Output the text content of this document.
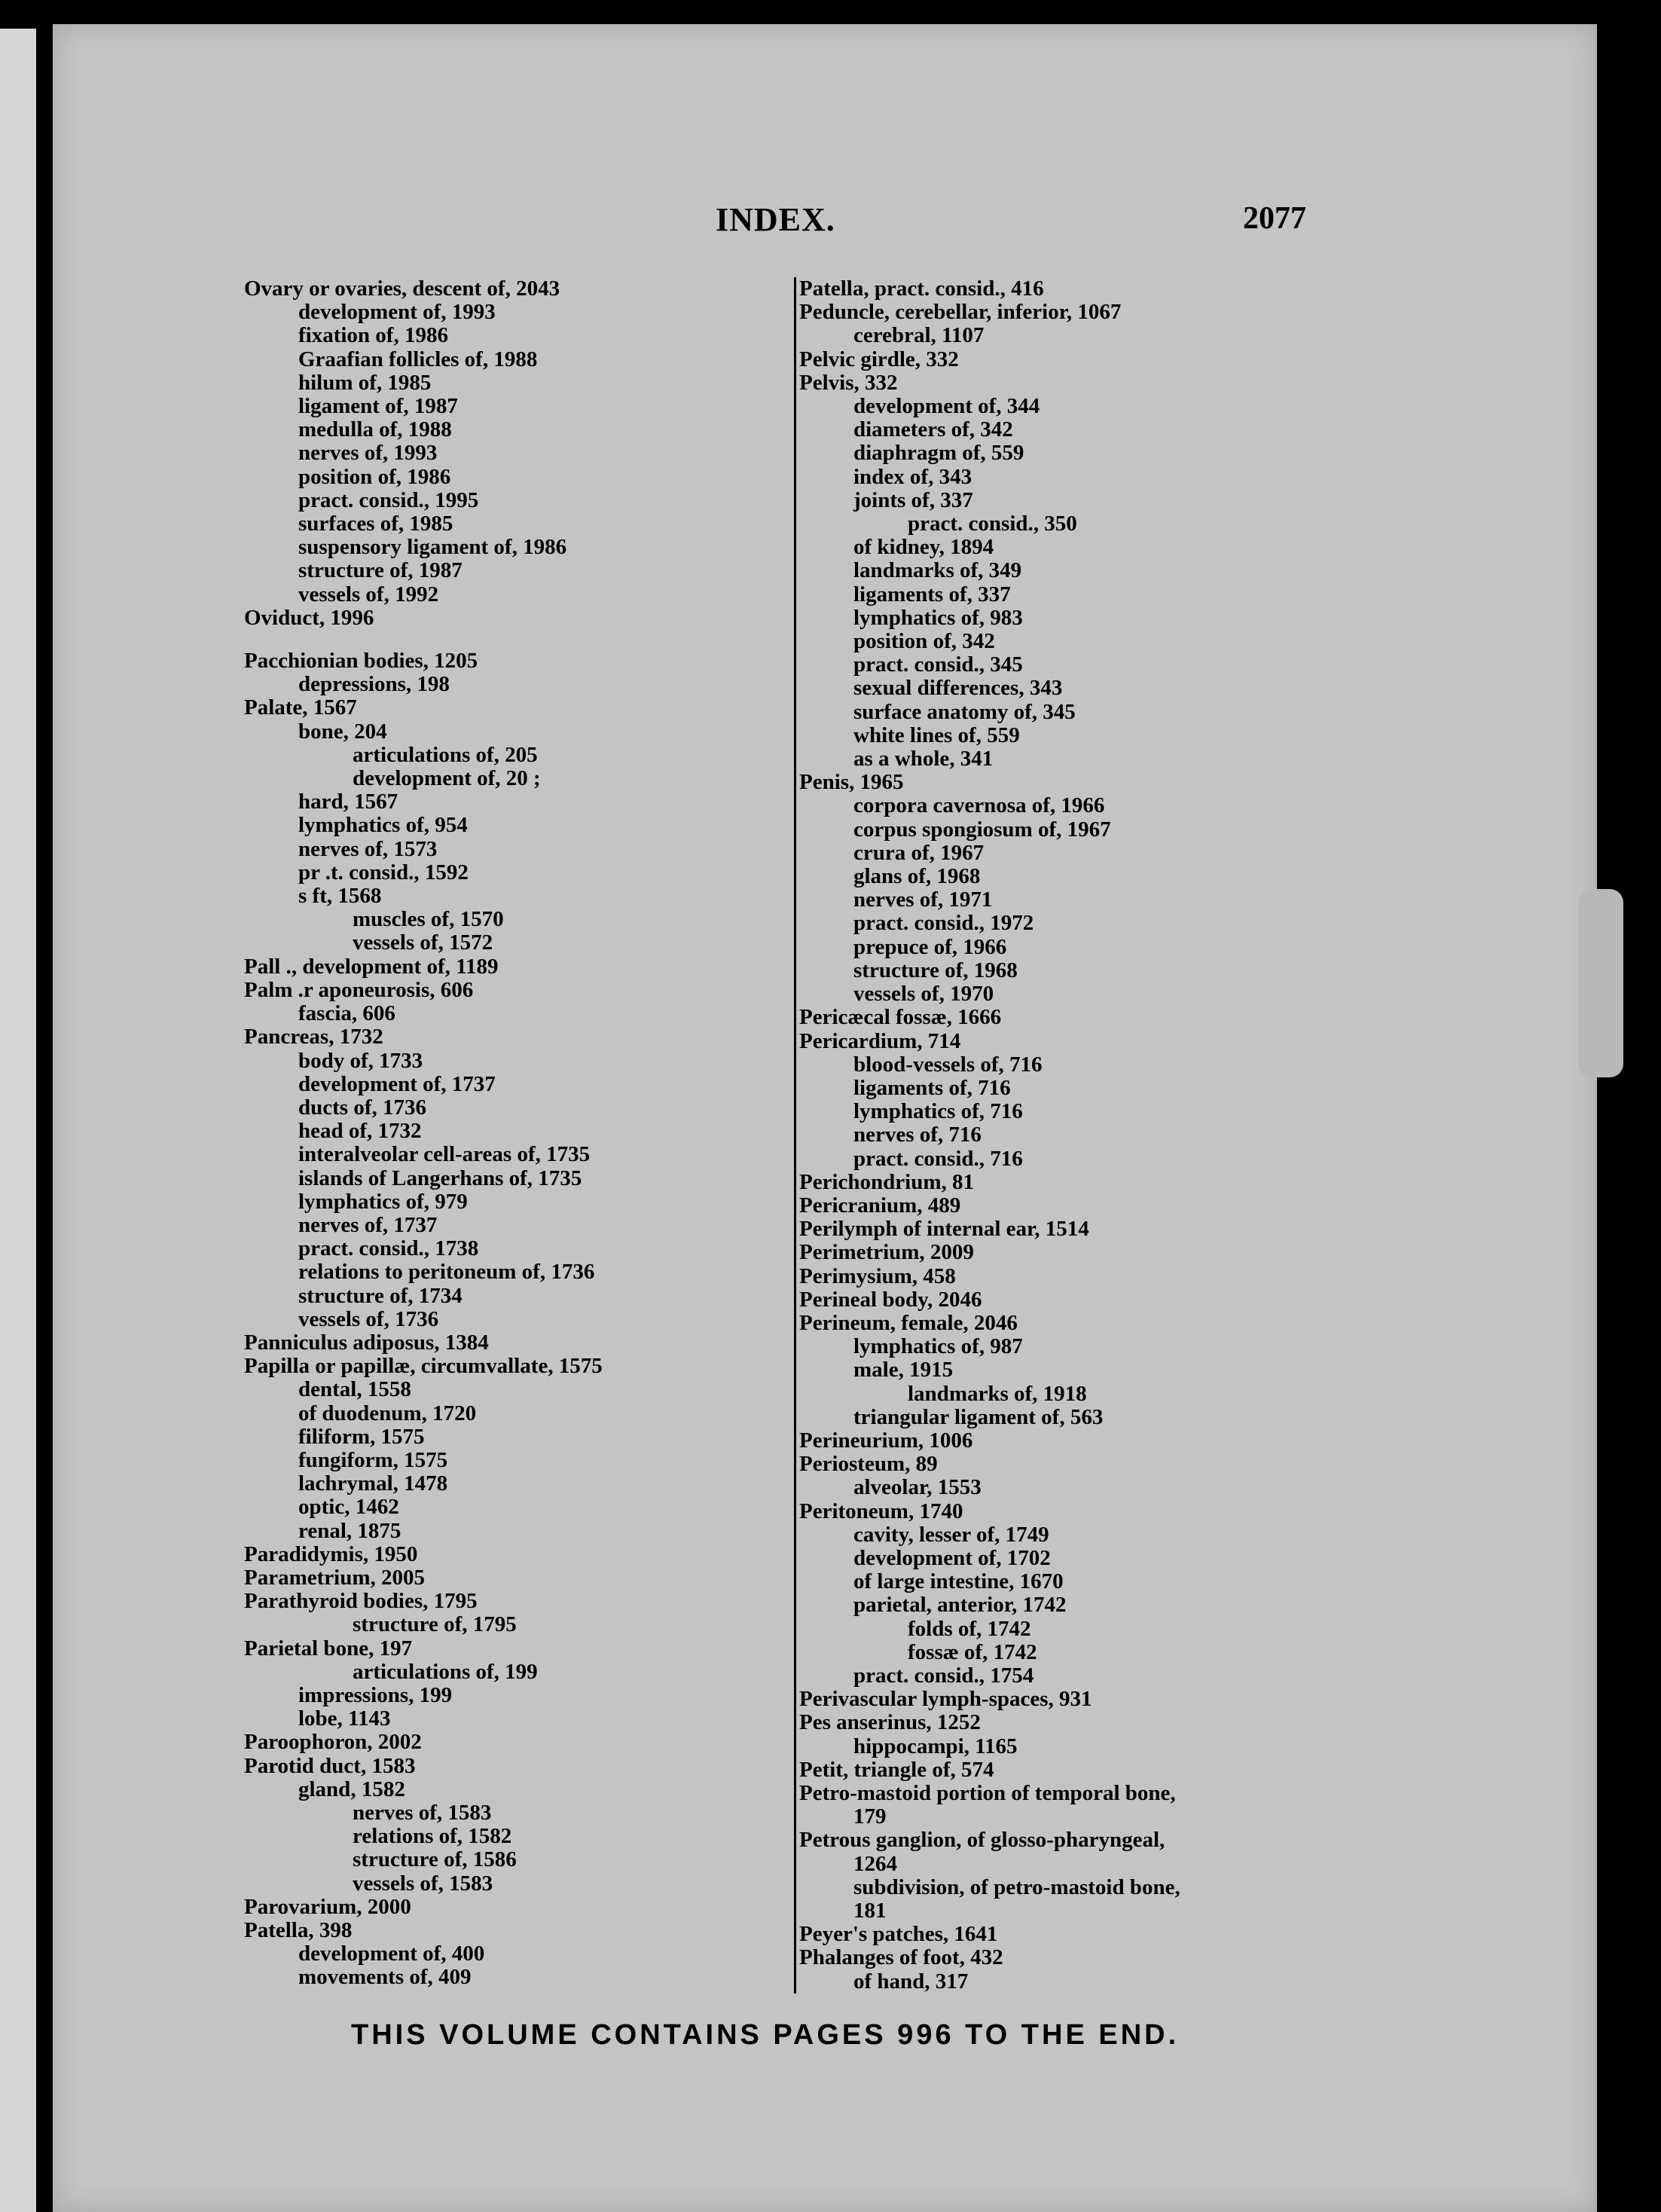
INDEX.	2077
Ovary or ovaries, descent of, 2043
development of, 1993
fixation of, 1986
Graafian follicles of, 1988
hilum of, 1985
ligament of, 1987
medulla of, 1988
nerves of, 1993
position of, 1986
pract. consid., 1995
surfaces of, 1985
suspensory ligament of, 1986
structure of, 1987
vessels of, 1992
Oviduct, 1996
Pacchionian bodies, 1205
depressions, 198
Palate, 1567
bone, 204
articulations of, 205
development of, 20 ;
hard, 1567
lymphatics of, 954
nerves of, 1573
pr .t. consid., 1592
s ft, 1568
muscles of, 1570
vessels of, 1572
Pall ., development of, 1189
Palm .r aponeurosis, 606
fascia, 606
Pancreas, 1732
body of, 1733
development of, 1737
ducts of, 1736
head of, 1732
interalveolar cell-areas of, 1735
islands of Langerhans of, 1735
lymphatics of, 979
nerves of, 1737
pract. consid., 1738
relations to peritoneum of, 1736
structure of, 1734
vessels of, 1736
Panniculus adiposus, 1384
Papilla or papillæ, circumvallate, 1575
dental, 1558
of duodenum, 1720
filiform, 1575
fungiform, 1575
lachrymal, 1478
optic, 1462
renal, 1875
Paradidymis, 1950
Parametrium, 2005
Parathyroid bodies, 1795
structure of, 1795
Parietal bone, 197
articulations of, 199
impressions, 199
lobe, 1143
Paroophoron, 2002
Parotid duct, 1583
gland, 1582
nerves of, 1583
relations of, 1582
structure of, 1586
vessels of, 1583
Parovarium, 2000
Patella, 398
development of, 400
movements of, 409
Patella, pract. consid., 416
Peduncle, cerebellar, inferior, 1067
cerebral, 1107
Pelvic girdle, 332
Pelvis, 332
development of, 344
diameters of, 342
diaphragm of, 559
index of, 343
joints of, 337
pract. consid., 350
of kidney, 1894
landmarks of, 349
ligaments of, 337
lymphatics of, 983
position of, 342
pract. consid., 345
sexual differences, 343
surface anatomy of, 345
white lines of, 559
as a whole, 341
Penis, 1965
corpora cavernosa of, 1966
corpus spongiosum of, 1967
crura of, 1967
glans of, 1968
nerves of, 1971
pract. consid., 1972
prepuce of, 1966
structure of, 1968
vessels of, 1970
Pericæcal fossæ, 1666
Pericardium, 714
blood-vessels of, 716
ligaments of, 716
lymphatics of, 716
nerves of, 716
pract. consid., 716
Perichondrium, 81
Pericranium, 489
Perilymph of internal ear, 1514
Perimetrium, 2009
Perimysium, 458
Perineal body, 2046
Perineum, female, 2046
lymphatics of, 987
male, 1915
landmarks of, 1918
triangular ligament of, 563
Perineurium, 1006
Periosteum, 89
alveolar, 1553
Peritoneum, 1740
cavity, lesser of, 1749
development of, 1702
of large intestine, 1670
parietal, anterior, 1742
folds of, 1742
fossæ of, 1742
pract. consid., 1754
Perivascular lymph-spaces, 931
Pes anserinus, 1252
hippocampi, 1165
Petit, triangle of, 574
Petro-mastoid portion of temporal bone,
179
Petrous ganglion, of glosso-pharyngeal,
1264
subdivision, of petro-mastoid bone,
181
Peyer's patches, 1641
Phalanges of foot, 432
of hand, 317
THIS VOLUME CONTAINS PAGES 996 TO THE END.
